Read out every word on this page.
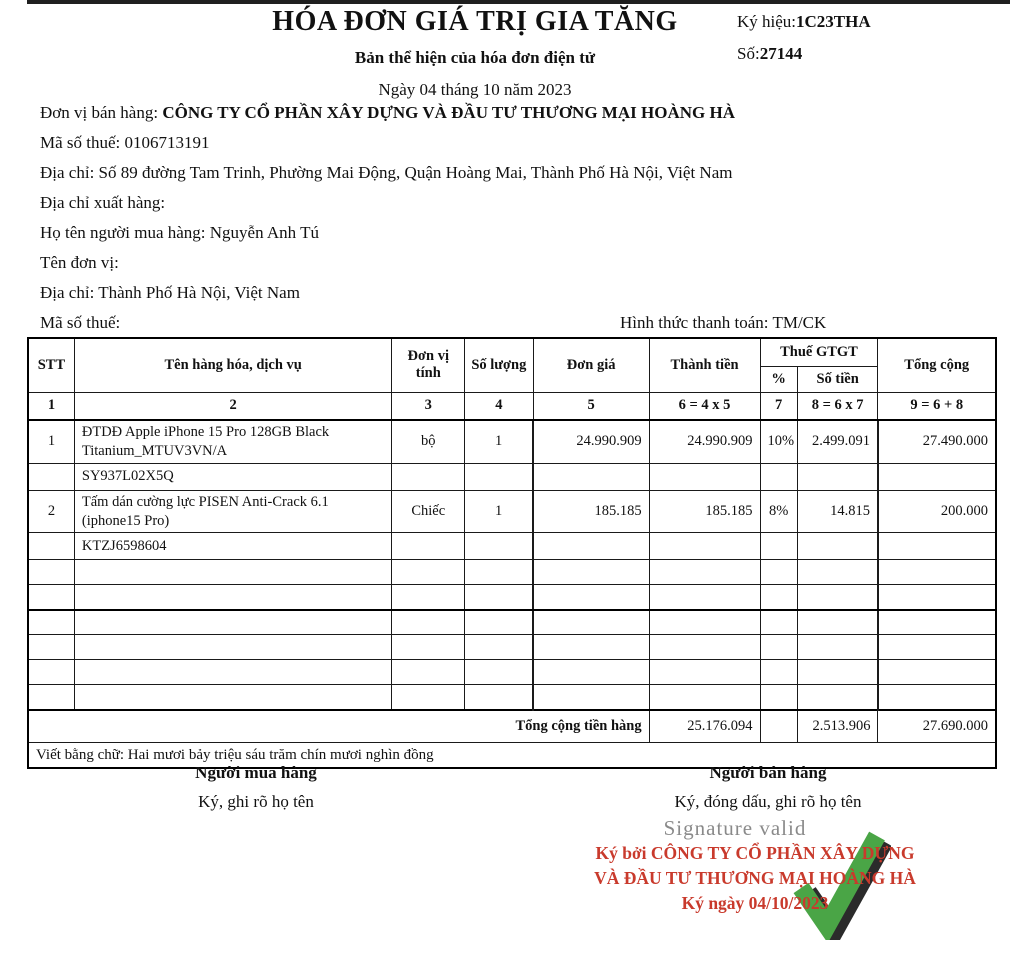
HÓA ĐƠN GIÁ TRỊ GIA TĂNG
Bản thể hiện của hóa đơn điện tử
Ngày 04 tháng 10 năm 2023
Ký hiệu:1C23THA
Số:27144
Đơn vị bán hàng: CÔNG TY CỔ PHẦN XÂY DỰNG VÀ ĐẦU TƯ THƯƠNG MẠI HOÀNG HÀ
Mã số thuế: 0106713191
Địa chỉ: Số 89 đường Tam Trinh, Phường Mai Động, Quận Hoàng Mai, Thành Phố Hà Nội, Việt Nam
Địa chỉ xuất hàng:
Họ tên người mua hàng: Nguyễn Anh Tú
Tên đơn vị:
Địa chỉ: Thành Phố Hà Nội, Việt Nam
Mã số thuế:	Hình thức thanh toán: TM/CK
STT	Tên hàng hóa, dịch vụ	Đơn vị tính	Số lượng	Đơn giá	Thành tiền	Thuế GTGT		Tổng cộng
						%	Số tiền	
1	2	3	4	5	6 = 4 x 5	7	8 = 6 x 7	9 = 6 + 8
1	ĐTDĐ Apple iPhone 15 Pro 128GB Black Titanium_MTUV3VN/A	bộ	1	24.990.909	24.990.909	10%	2.499.091	27.490.000
	SY937L02X5Q							
2	Tấm dán cường lực PISEN Anti-Crack 6.1 (iphone15 Pro)	Chiếc	1	185.185	185.185	8%	14.815	200.000
	KTZJ6598604							

Tổng cộng tiền hàng					25.176.094		2.513.906	27.690.000
Viết bằng chữ: Hai mươi bảy triệu sáu trăm chín mươi nghìn đồng								
Người mua hàng
Ký, ghi rõ họ tên
Người bán hàng
Ký, đóng dấu, ghi rõ họ tên
Signature valid
Ký bởi CÔNG TY CỔ PHẦN XÂY DỰNG
VÀ ĐẦU TƯ THƯƠNG MẠI HOÀNG HÀ
Ký ngày 04/10/2023
